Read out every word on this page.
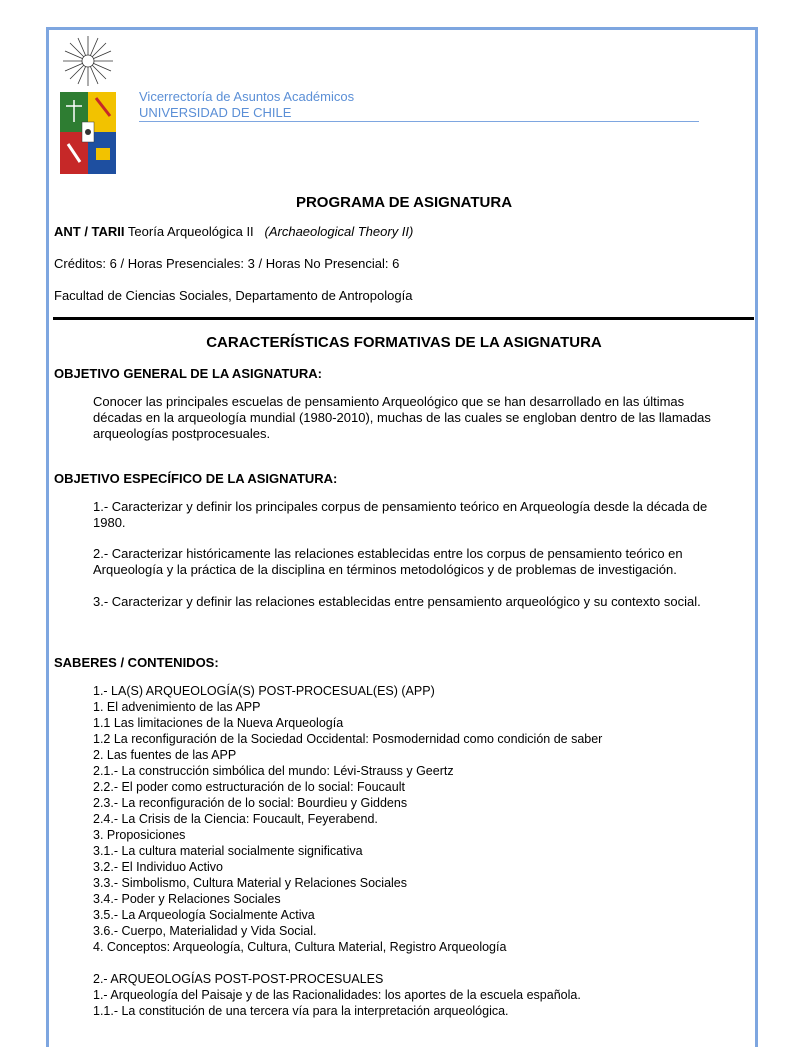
Vicerrectoría de Asuntos Académicos
UNIVERSIDAD DE CHILE
PROGRAMA DE ASIGNATURA
ANT / TARII Teoría Arqueológica II (Archaeological Theory II)
Créditos: 6 / Horas Presenciales: 3 / Horas No Presencial: 6
Facultad de Ciencias Sociales, Departamento de Antropología
CARACTERÍSTICAS FORMATIVAS DE LA ASIGNATURA
OBJETIVO GENERAL DE LA ASIGNATURA:
Conocer las principales escuelas de pensamiento Arqueológico que se han desarrollado en las últimas décadas en la arqueología mundial (1980-2010), muchas de las cuales se engloban dentro de las llamadas arqueologías postprocesuales.
OBJETIVO ESPECÍFICO DE LA ASIGNATURA:
1.- Caracterizar y definir los principales corpus de pensamiento teórico en Arqueología desde la década de 1980.
2.- Caracterizar históricamente las relaciones establecidas entre los corpus de pensamiento teórico en Arqueología y la práctica de la disciplina en términos metodológicos y de problemas de investigación.
3.- Caracterizar y definir las relaciones establecidas entre pensamiento arqueológico y su contexto social.
SABERES / CONTENIDOS:
1.- LA(S) ARQUEOLOGÍA(S) POST-PROCESUAL(ES) (APP)
1. El advenimiento de las APP
1.1 Las limitaciones de la Nueva Arqueología
1.2 La reconfiguración de la Sociedad Occidental: Posmodernidad como condición de saber
2. Las fuentes de las APP
2.1.- La construcción simbólica del mundo: Lévi-Strauss y Geertz
2.2.- El poder como estructuración de lo social: Foucault
2.3.- La reconfiguración de lo social: Bourdieu y Giddens
2.4.- La Crisis de la Ciencia: Foucault, Feyerabend.
3. Proposiciones
3.1.- La cultura material socialmente significativa
3.2.- El Individuo Activo
3.3.- Simbolismo, Cultura Material y Relaciones Sociales
3.4.- Poder y Relaciones Sociales
3.5.- La Arqueología Socialmente Activa
3.6.- Cuerpo, Materialidad y Vida Social.
4. Conceptos: Arqueología, Cultura, Cultura Material, Registro Arqueología
2.- ARQUEOLOGÍAS POST-POST-PROCESUALES
1.- Arqueología del Paisaje y de las Racionalidades: los aportes de la escuela española.
1.1.- La constitución de una tercera vía para la interpretación arqueológica.
